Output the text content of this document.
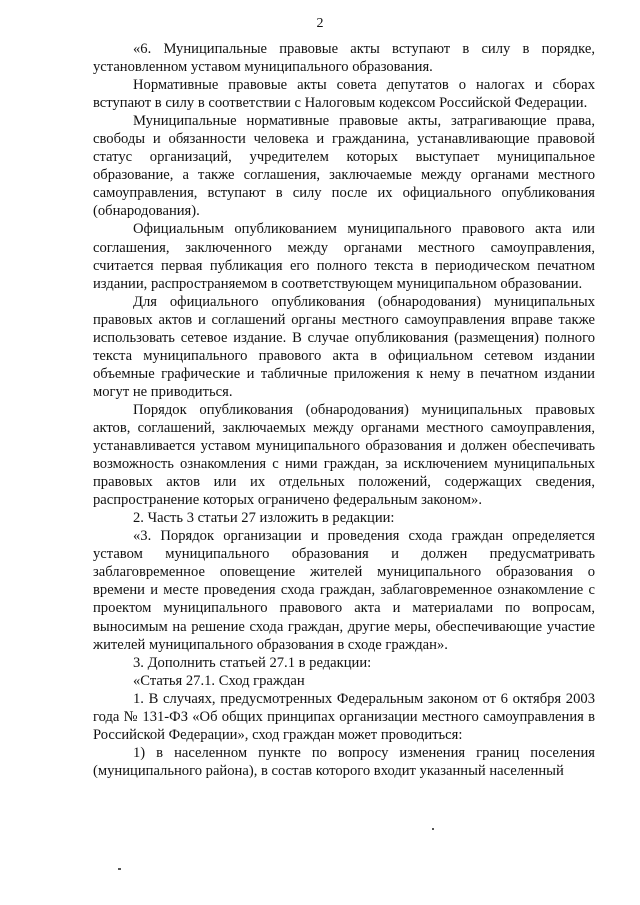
2

«6. Муниципальные правовые акты вступают в силу в порядке, установленном уставом муниципального образования.

Нормативные правовые акты совета депутатов о налогах и сборах вступают в силу в соответствии с Налоговым кодексом Российской Федерации.

Муниципальные нормативные правовые акты, затрагивающие права, свободы и обязанности человека и гражданина, устанавливающие правовой статус организаций, учредителем которых выступает муниципальное образование, а также соглашения, заключаемые между органами местного самоуправления, вступают в силу после их официального опубликования (обнародования).

Официальным опубликованием муниципального правового акта или соглашения, заключенного между органами местного самоуправления, считается первая публикация его полного текста в периодическом печатном издании, распространяемом в соответствующем муниципальном образовании.

Для официального опубликования (обнародования) муниципальных правовых актов и соглашений органы местного самоуправления вправе также использовать сетевое издание. В случае опубликования (размещения) полного текста муниципального правового акта в официальном сетевом издании объемные графические и табличные приложения к нему в печатном издании могут не приводиться.

Порядок опубликования (обнародования) муниципальных правовых актов, соглашений, заключаемых между органами местного самоуправления, устанавливается уставом муниципального образования и должен обеспечивать возможность ознакомления с ними граждан, за исключением муниципальных правовых актов или их отдельных положений, содержащих сведения, распространение которых ограничено федеральным законом».

2. Часть 3 статьи 27 изложить в редакции:

«3. Порядок организации и проведения схода граждан определяется уставом муниципального образования и должен предусматривать заблаговременное оповещение жителей муниципального образования о времени и месте проведения схода граждан, заблаговременное ознакомление с проектом муниципального правового акта и материалами по вопросам, выносимым на решение схода граждан, другие меры, обеспечивающие участие жителей муниципального образования в сходе граждан».

3. Дополнить статьей 27.1 в редакции:

«Статья 27.1. Сход граждан

1. В случаях, предусмотренных Федеральным законом от 6 октября 2003 года № 131-ФЗ «Об общих принципах организации местного самоуправления в Российской Федерации», сход граждан может проводиться:

1) в населенном пункте по вопросу изменения границ поселения (муниципального района), в состав которого входит указанный населенный
